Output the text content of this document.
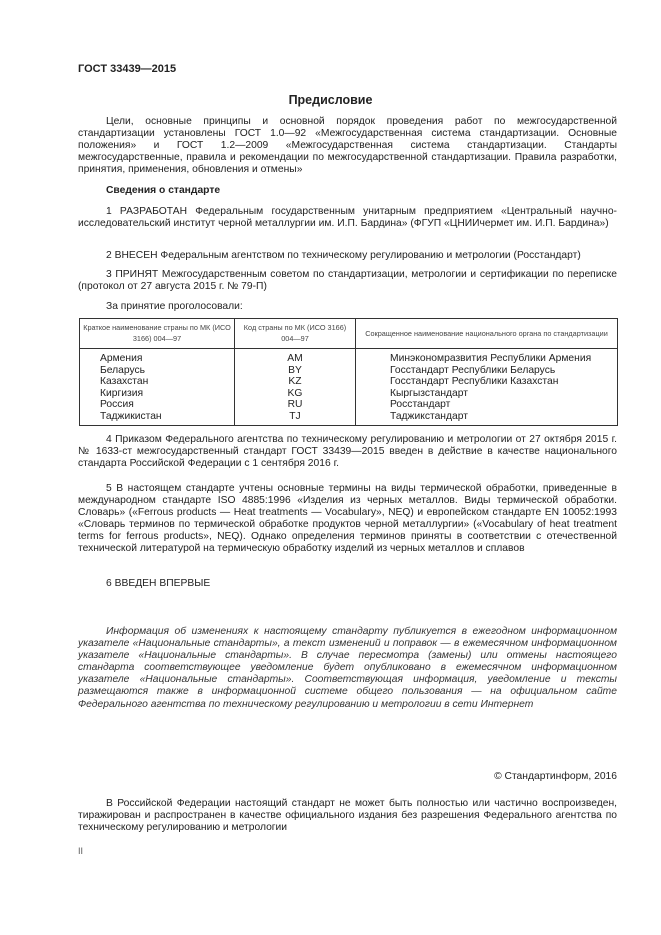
ГОСТ 33439—2015
Предисловие

Цели, основные принципы и основной порядок проведения работ по межгосударственной стандартизации установлены ГОСТ 1.0—92 «Межгосударственная система стандартизации. Основные положения» и ГОСТ 1.2—2009 «Межгосударственная система стандартизации. Стандарты межгосударственные, правила и рекомендации по межгосударственной стандартизации. Правила разработки, принятия, применения, обновления и отмены»

Сведения о стандарте

1 РАЗРАБОТАН Федеральным государственным унитарным предприятием «Центральный научно-исследовательский институт черной металлургии им. И.П. Бардина» (ФГУП «ЦНИИчермет им. И.П. Бардина»)

2 ВНЕСЕН Федеральным агентством по техническому регулированию и метрологии (Росстандарт)

3 ПРИНЯТ Межгосударственным советом по стандартизации, метрологии и сертификации по переписке (протокол от 27 августа 2015 г. № 79-П)

За принятие проголосовали:

Краткое наименование страны по МК (ИСО 3166) 004—97	Код страны по МК (ИСО 3166) 004—97	Сокращенное наименование национального органа по стандартизации
Армения	AM	Минэкономразвития Республики Армения
Беларусь	BY	Госстандарт Республики Беларусь
Казахстан	KZ	Госстандарт Республики Казахстан
Киргизия	KG	Кыргызстандарт
Россия	RU	Росстандарт
Таджикистан	TJ	Таджикстандарт

4 Приказом Федерального агентства по техническому регулированию и метрологии от 27 октября 2015 г. № 1633-ст межгосударственный стандарт ГОСТ 33439—2015 введен в действие в качестве национального стандарта Российской Федерации с 1 сентября 2016 г.

5 В настоящем стандарте учтены основные термины на виды термической обработки, приведенные в международном стандарте ISO 4885:1996 «Изделия из черных металлов. Виды термической обработки. Словарь» («Ferrous products — Heat treatments — Vocabulary», NEQ) и европейском стандарте EN 10052:1993 «Словарь терминов по термической обработке продуктов черной металлургии» («Vocabulary of heat treatment terms for ferrous products», NEQ). Однако определения терминов приняты в соответствии с отечественной технической литературой на термическую обработку изделий из черных металлов и сплавов

6 ВВЕДЕН ВПЕРВЫЕ

Информация об изменениях к настоящему стандарту публикуется в ежегодном информационном указателе «Национальные стандарты», а текст изменений и поправок — в ежемесячном информационном указателе «Национальные стандарты». В случае пересмотра (замены) или отмены настоящего стандарта соответствующее уведомление будет опубликовано в ежемесячном информационном указателе «Национальные стандарты». Соответствующая информация, уведомление и тексты размещаются также в информационной системе общего пользования — на официальном сайте Федерального агентства по техническому регулированию и метрологии в сети Интернет

© Стандартинформ, 2016

В Российской Федерации настоящий стандарт не может быть полностью или частично воспроизведен, тиражирован и распространен в качестве официального издания без разрешения Федерального агентства по техническому регулированию и метрологии

II
